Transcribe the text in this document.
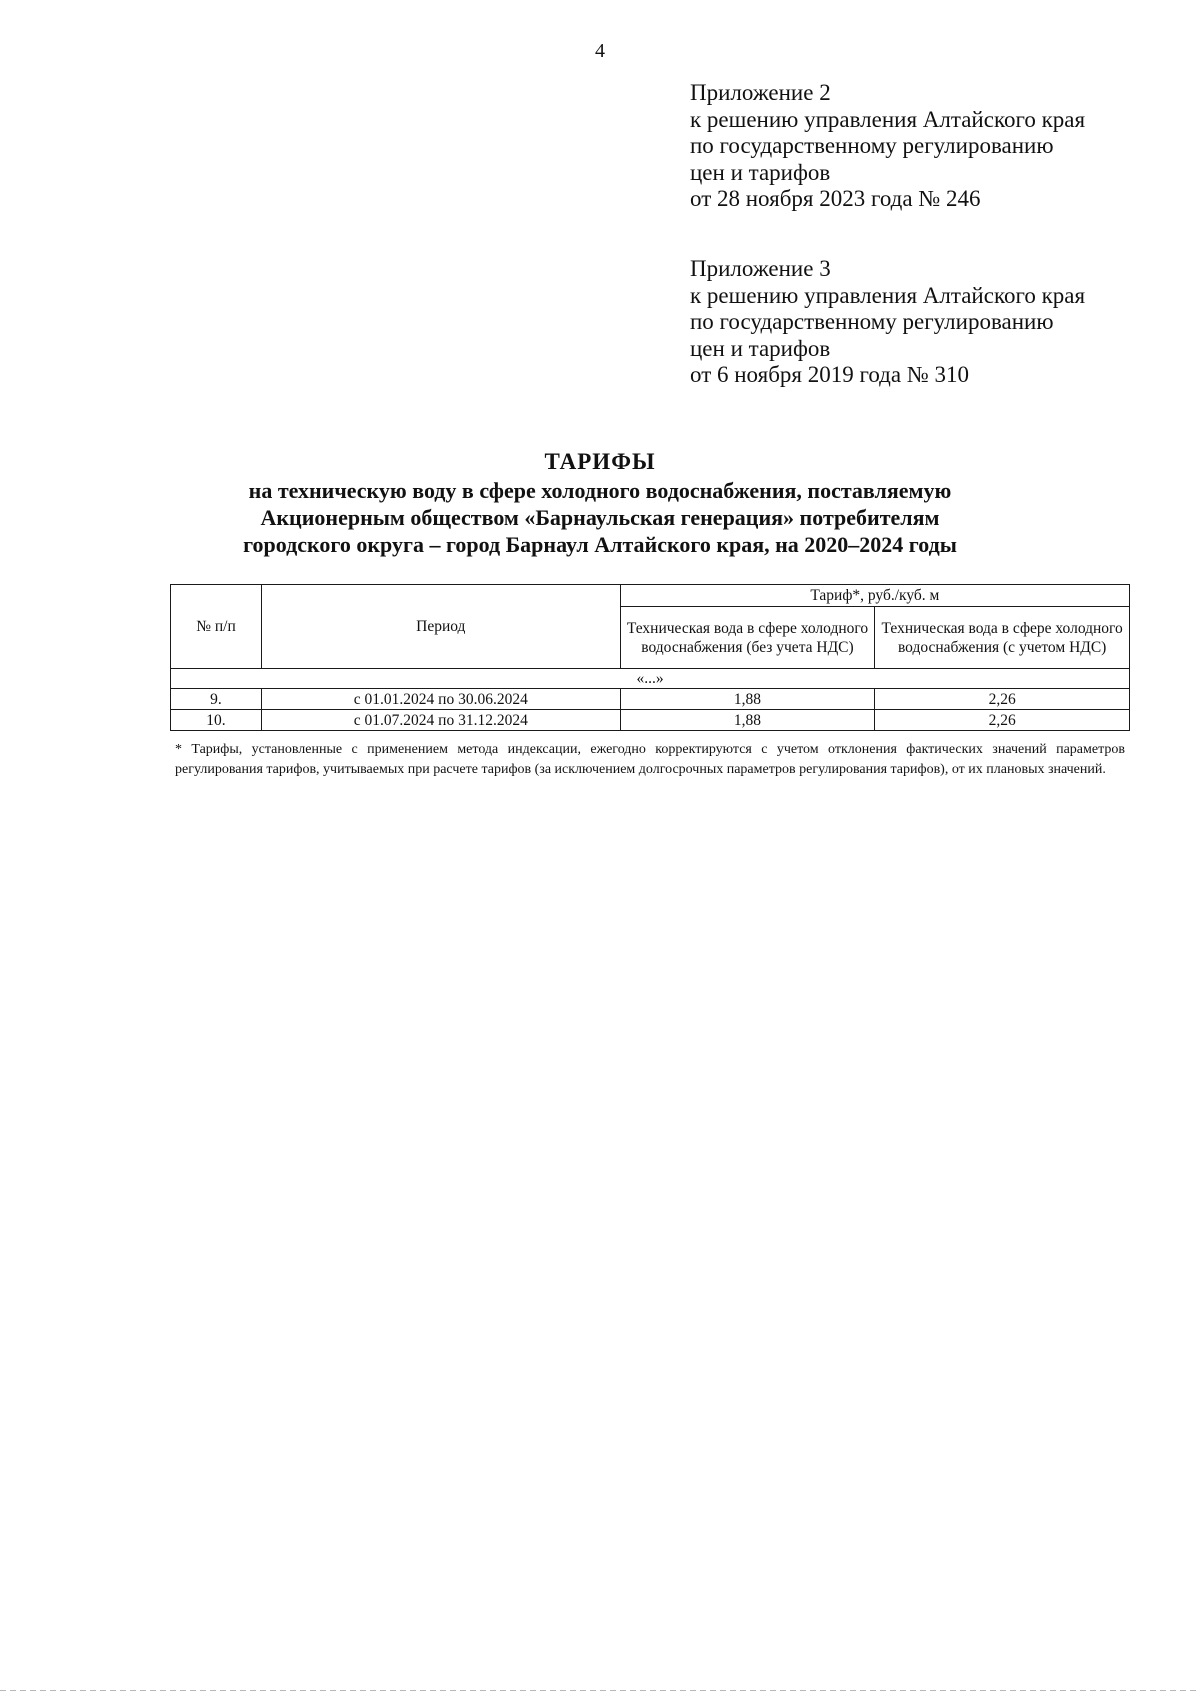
4
Приложение 2
к решению управления Алтайского края
по государственному регулированию
цен и тарифов
от 28 ноября 2023 года № 246
Приложение 3
к решению управления Алтайского края
по государственному регулированию
цен и тарифов
от 6 ноября 2019 года № 310
ТАРИФЫ
на техническую воду в сфере холодного водоснабжения, поставляемую
Акционерным обществом «Барнаульская генерация» потребителям
городского округа – город Барнаул Алтайского края, на 2020–2024 годы
№ п/п	Период	Тариф*, руб./куб. м	
		Техническая вода в сфере холодного водоснабжения (без учета НДС)	Техническая вода в сфере холодного водоснабжения (с учетом НДС)
«...»			
9.	с 01.01.2024 по 30.06.2024	1,88	2,26
10.	с 01.07.2024 по 31.12.2024	1,88	2,26
* Тарифы, установленные с применением метода индексации, ежегодно корректируются с учетом отклонения фактических значений параметров регулирования тарифов, учитываемых при расчете тарифов (за исключением долгосрочных параметров регулирования тарифов), от их плановых значений.
